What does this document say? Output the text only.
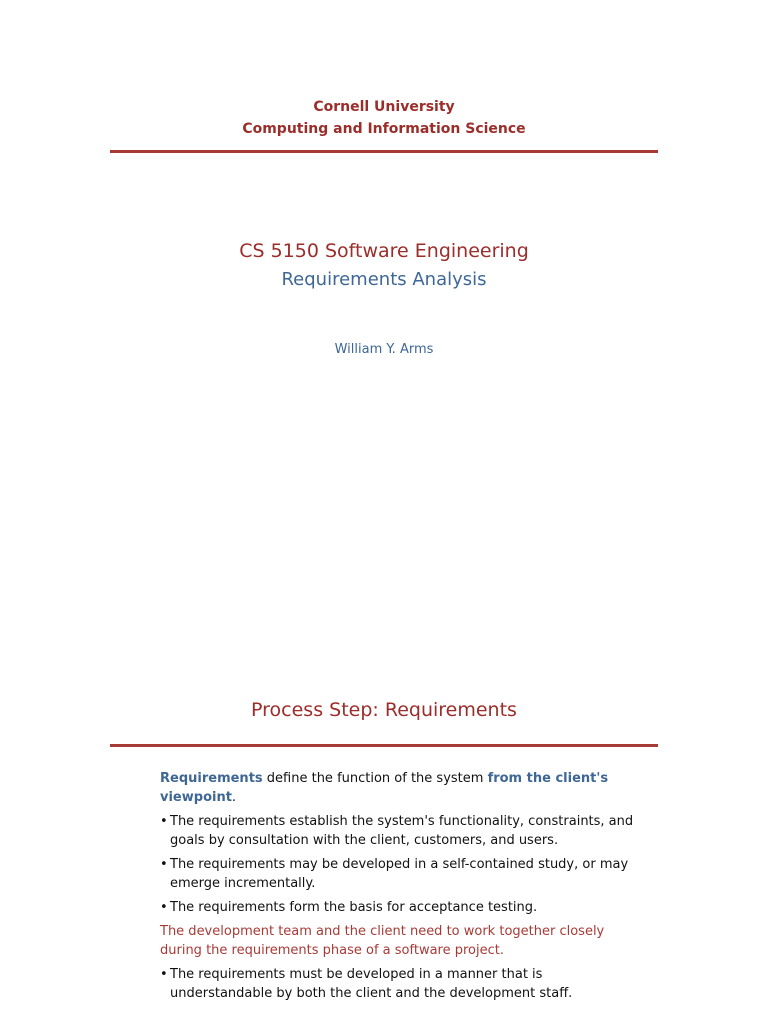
Cornell University
Computing and Information Science
CS 5150 Software Engineering
Requirements Analysis
William Y. Arms
Process Step: Requirements

Requirements define the function of the system from the client's viewpoint.

• The requirements establish the system's functionality, constraints, and goals by consultation with the client, customers, and users.
• The requirements may be developed in a self-contained study, or may emerge incrementally.
• The requirements form the basis for acceptance testing.

The development team and the client need to work together closely during the requirements phase of a software project.

• The requirements must be developed in a manner that is understandable by both the client and the development staff.
